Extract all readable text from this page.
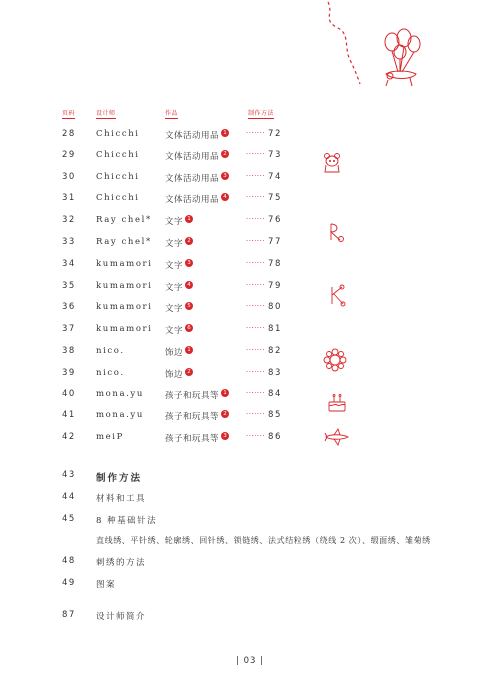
页码	设计师	作品	制作方法
28 Chicchi	文体活动用品 1	······· 72
29 Chicchi	文体活动用品 2	······· 73
30 Chicchi	文体活动用品 3	······· 74
31 Chicchi	文体活动用品 4	······· 75
32 Ray chel* 文字 1	······· 76
33 Ray chel* 文字 2	······· 77
34 kumamori 文字 3	······· 78
35 kumamori 文字 4	······· 79
36 kumamori 文字 5	······· 80
37 kumamori 文字 6	······· 81
38 nico.	饰边 1	······· 82
39 nico.	饰边 2	······· 83
40 mona.yu 孩子和玩具等 1	······· 84
41 mona.yu 孩子和玩具等 2	······· 85
42 meiP	孩子和玩具等 3	······· 86
43 制作方法
44 材料和工具
45 8 种基础针法
直线绣、平针绣、轮廓绣、回针绣、锁链绣、法式结粒绣（绕线 2 次）、缎面绣、雏菊绣
48 刺绣的方法
49 图案
87 设计师简介
| 03 |
